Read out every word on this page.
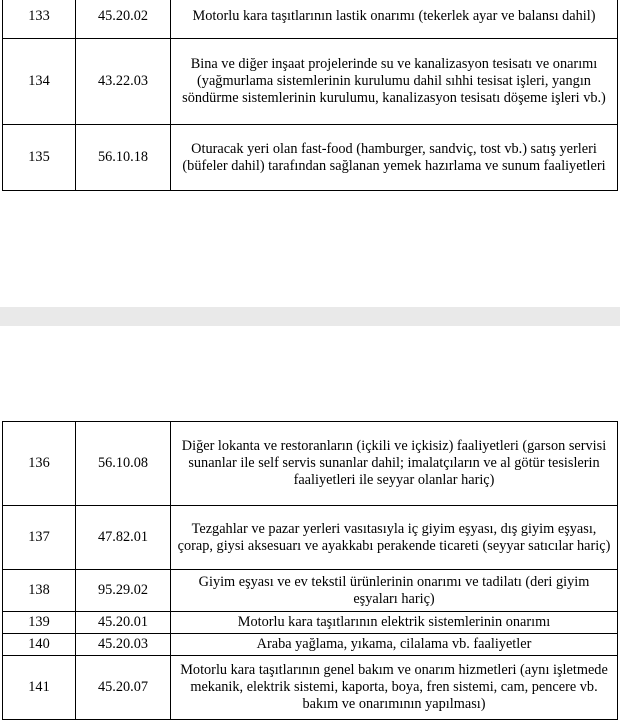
133	45.20.02	Motorlu kara taşıtlarının lastik onarımı (tekerlek ayar ve balansı dahil)
134	43.22.03	Bina ve diğer inşaat projelerinde su ve kanalizasyon tesisatı ve onarımı (yağmurlama sistemlerinin kurulumu dahil sıhhi tesisat işleri, yangın söndürme sistemlerinin kurulumu, kanalizasyon tesisatı döşeme işleri vb.)
135	56.10.18	Oturacak yeri olan fast-food (hamburger, sandviç, tost vb.) satış yerleri (büfeler dahil) tarafından sağlanan yemek hazırlama ve sunum faaliyetleri
136	56.10.08	Diğer lokanta ve restoranların (içkili ve içkisiz) faaliyetleri (garson servisi sunanlar ile self servis sunanlar dahil; imalatçıların ve al götür tesislerin faaliyetleri ile seyyar olanlar hariç)
137	47.82.01	Tezgahlar ve pazar yerleri vasıtasıyla iç giyim eşyası, dış giyim eşyası, çorap, giysi aksesuarı ve ayakkabı perakende ticareti (seyyar satıcılar hariç)
138	95.29.02	Giyim eşyası ve ev tekstil ürünlerinin onarımı ve tadilatı (deri giyim eşyaları hariç)
139	45.20.01	Motorlu kara taşıtlarının elektrik sistemlerinin onarımı
140	45.20.03	Araba yağlama, yıkama, cilalama vb. faaliyetler
141	45.20.07	Motorlu kara taşıtlarının genel bakım ve onarım hizmetleri (aynı işletmede mekanik, elektrik sistemi, kaporta, boya, fren sistemi, cam, pencere vb. bakım ve onarımının yapılması)
